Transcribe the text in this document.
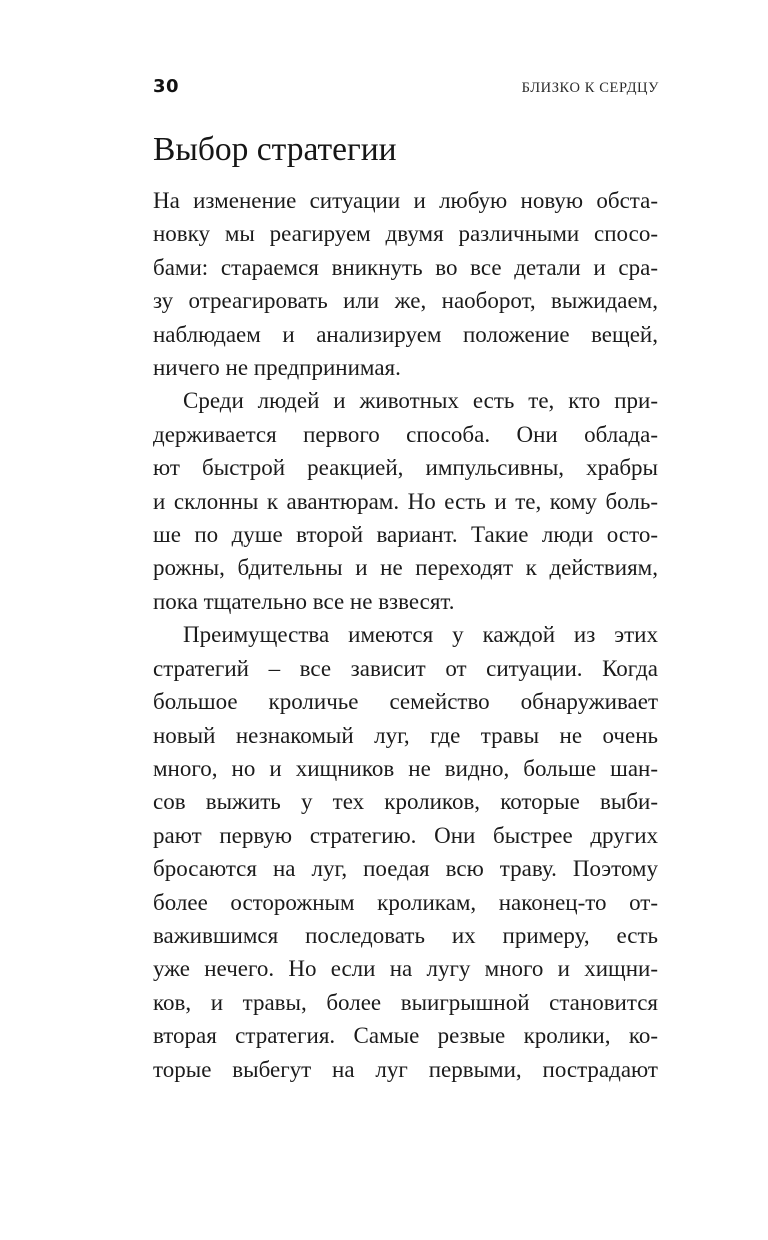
30	БЛИЗКО К СЕРДЦУ
Выбор стратегии
На изменение ситуации и любую новую обста-
новку мы реагируем двумя различными спосо-
бами: стараемся вникнуть во все детали и сра-
зу отреагировать или же, наоборот, выжидаем,
наблюдаем и анализируем положение вещей,
ничего не предпринимая.
Среди людей и животных есть те, кто при-
держивается первого способа. Они облада-
ют быстрой реакцией, импульсивны, храбры
и склонны к авантюрам. Но есть и те, кому боль-
ше по душе второй вариант. Такие люди осто-
рожны, бдительны и не переходят к действиям,
пока тщательно все не взвесят.
Преимущества имеются у каждой из этих
стратегий – все зависит от ситуации. Когда
большое кроличье семейство обнаруживает
новый незнакомый луг, где травы не очень
много, но и хищников не видно, больше шан-
сов выжить у тех кроликов, которые выби-
рают первую стратегию. Они быстрее других
бросаются на луг, поедая всю траву. Поэтому
более осторожным кроликам, наконец-то от-
важившимся последовать их примеру, есть
уже нечего. Но если на лугу много и хищни-
ков, и травы, более выигрышной становится
вторая стратегия. Самые резвые кролики, ко-
торые выбегут на луг первыми, пострадают
